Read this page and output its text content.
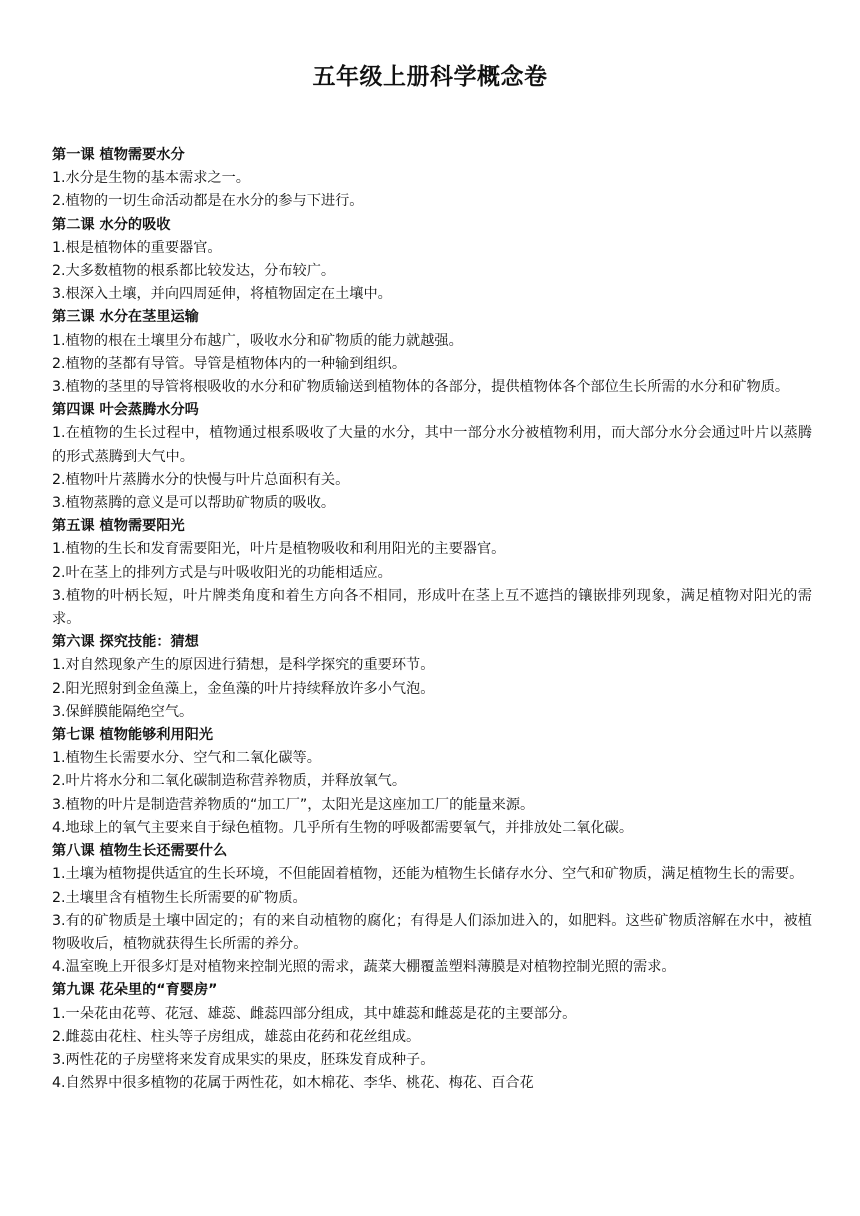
五年级上册科学概念卷

第一课 植物需要水分

1.水分是生物的基本需求之一。

2.植物的一切生命活动都是在水分的参与下进行。

第二课 水分的吸收

1.根是植物体的重要器官。

2.大多数植物的根系都比较发达，分布较广。

3.根深入土壤，并向四周延伸，将植物固定在土壤中。

第三课 水分在茎里运输

1.植物的根在土壤里分布越广，吸收水分和矿物质的能力就越强。

2.植物的茎都有导管。导管是植物体内的一种输到组织。

3.植物的茎里的导管将根吸收的水分和矿物质输送到植物体的各部分，提供植物体各个部位生长所需的水分和矿物质。

第四课 叶会蒸腾水分吗

1.在植物的生长过程中，植物通过根系吸收了大量的水分，其中一部分水分被植物利用，而大部分水分会通过叶片以蒸腾的形式蒸腾到大气中。

2.植物叶片蒸腾水分的快慢与叶片总面积有关。

3.植物蒸腾的意义是可以帮助矿物质的吸收。

第五课 植物需要阳光

1.植物的生长和发育需要阳光，叶片是植物吸收和利用阳光的主要器官。

2.叶在茎上的排列方式是与叶吸收阳光的功能相适应。

3.植物的叶柄长短，叶片牌类角度和着生方向各不相同，形成叶在茎上互不遮挡的镶嵌排列现象，满足植物对阳光的需求。

第六课 探究技能：猜想

1.对自然现象产生的原因进行猜想，是科学探究的重要环节。

2.阳光照射到金鱼藻上，金鱼藻的叶片持续释放许多小气泡。

3.保鲜膜能隔绝空气。

第七课 植物能够利用阳光

1.植物生长需要水分、空气和二氧化碳等。

2.叶片将水分和二氧化碳制造称营养物质，并释放氧气。

3.植物的叶片是制造营养物质的“加工厂”，太阳光是这座加工厂的能量来源。

4.地球上的氧气主要来自于绿色植物。几乎所有生物的呼吸都需要氧气，并排放处二氧化碳。

第八课 植物生长还需要什么

1.土壤为植物提供适宜的生长环境，不但能固着植物，还能为植物生长储存水分、空气和矿物质，满足植物生长的需要。

2.土壤里含有植物生长所需要的矿物质。

3.有的矿物质是土壤中固定的；有的来自动植物的腐化；有得是人们添加进入的，如肥料。这些矿物质溶解在水中，被植物吸收后，植物就获得生长所需的养分。

4.温室晚上开很多灯是对植物来控制光照的需求，蔬菜大棚覆盖塑料薄膜是对植物控制光照的需求。

第九课 花朵里的“育婴房”

1.一朵花由花萼、花冠、雄蕊、雌蕊四部分组成，其中雄蕊和雌蕊是花的主要部分。

2.雌蕊由花柱、柱头等子房组成，雄蕊由花药和花丝组成。

3.两性花的子房壁将来发育成果实的果皮，胚珠发育成种子。

4.自然界中很多植物的花属于两性花，如木棉花、李华、桃花、梅花、百合花
